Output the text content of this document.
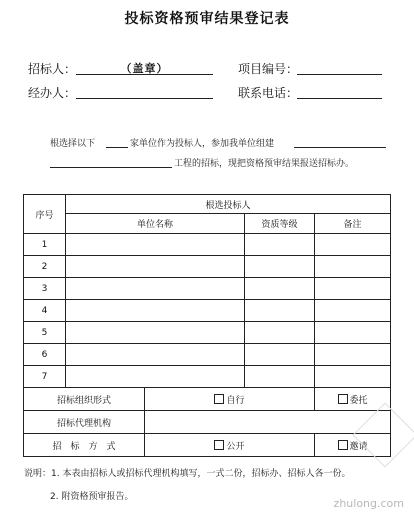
投标资格预审结果登记表
招标人：	（盖章）	项目编号：
经办人：	联系电话：
根选择以下	家单位作为投标人，参加我单位组建
工程的招标，现把资格预审结果报送招标办。
序号	根选投标人			
	单位名称		资质等级	备注
1				
2				
3				
4				
5				
6				
7				
招标组织形式		自行		委托
招标代理机构				
招　标　方　式		公开		邀请
说明：1. 本表由招标人或招标代理机构填写，一式二份，招标办、招标人各一份。
2. 附资格预审报告。	zhulong.com
